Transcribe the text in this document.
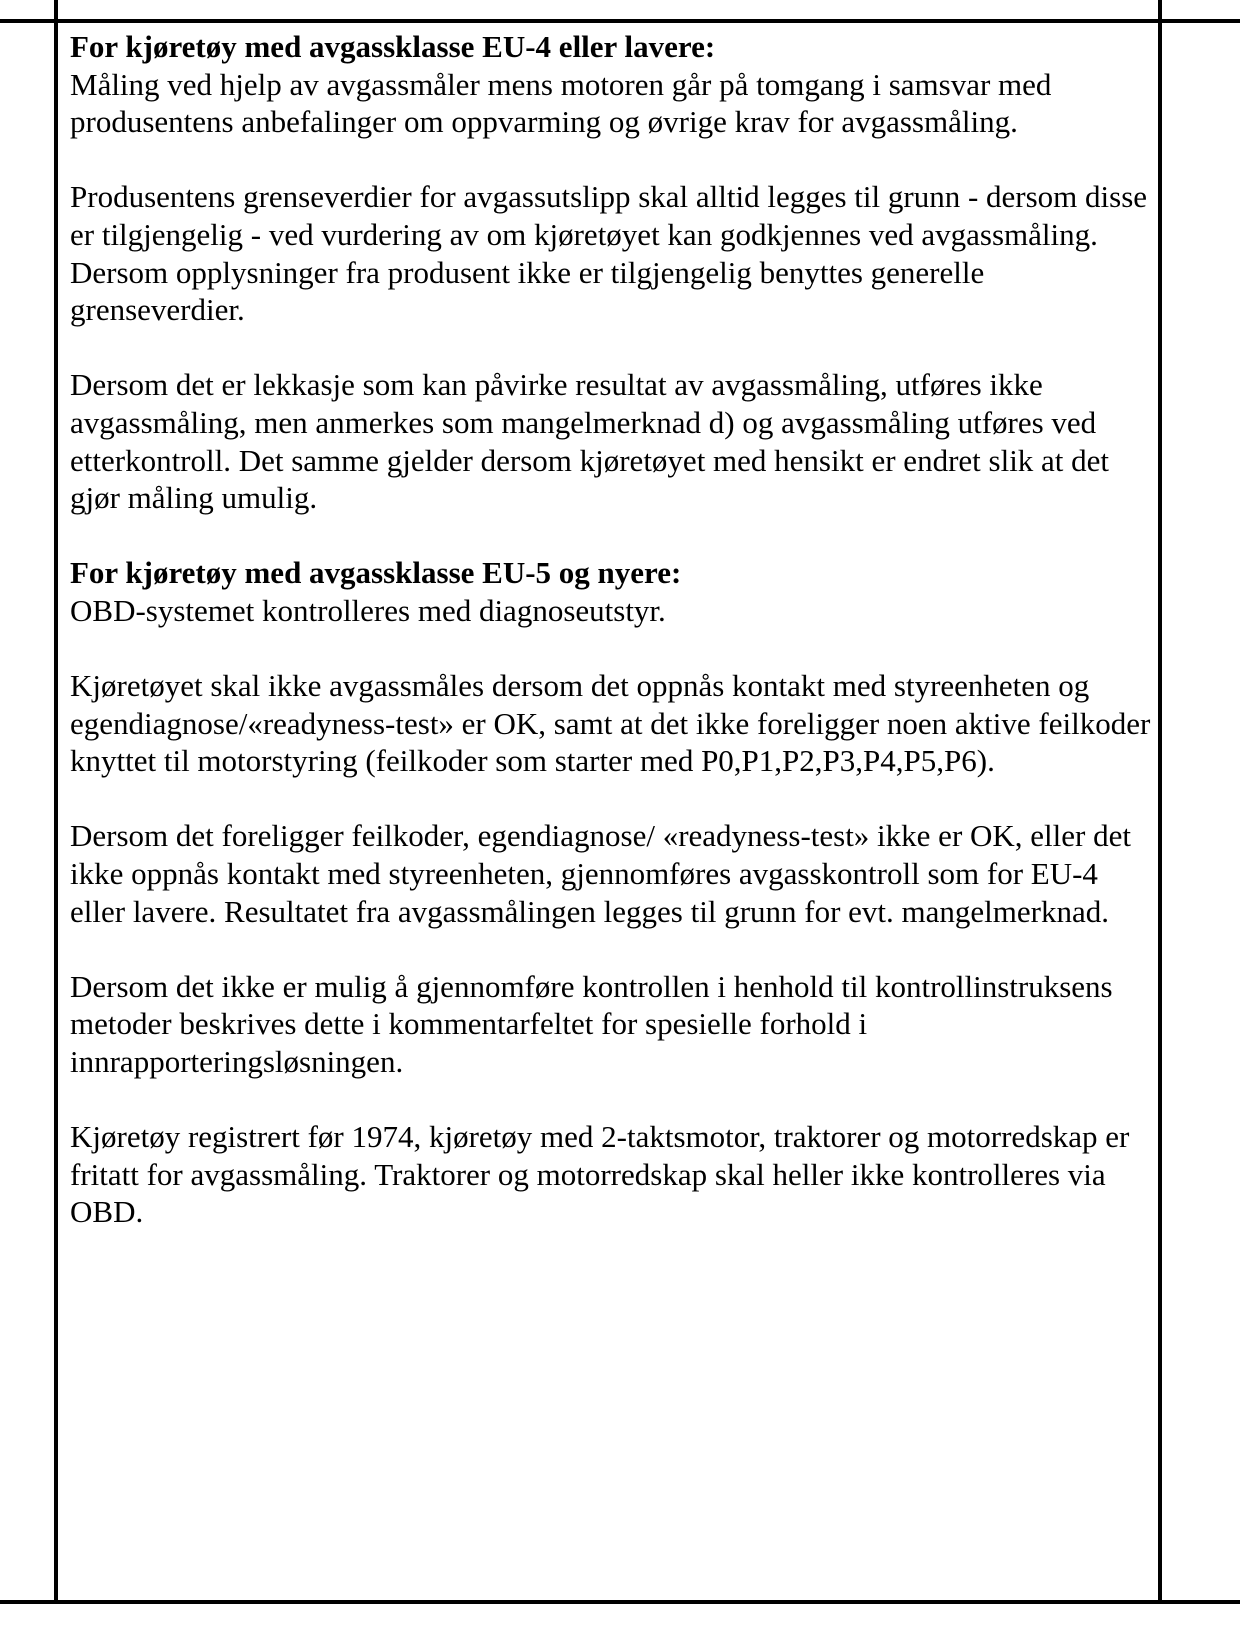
For kjøretøy med avgassklasse EU-4 eller lavere:
Måling ved hjelp av avgassmåler mens motoren går på tomgang i samsvar med produsentens anbefalinger om oppvarming og øvrige krav for avgassmåling.

Produsentens grenseverdier for avgassutslipp skal alltid legges til grunn - dersom disse er tilgjengelig - ved vurdering av om kjøretøyet kan godkjennes ved avgassmåling. Dersom opplysninger fra produsent ikke er tilgjengelig benyttes generelle grenseverdier.

Dersom det er lekkasje som kan påvirke resultat av avgassmåling, utføres ikke avgassmåling, men anmerkes som mangelmerknad d) og avgassmåling utføres ved etterkontroll. Det samme gjelder dersom kjøretøyet med hensikt er endret slik at det gjør måling umulig.

For kjøretøy med avgassklasse EU-5 og nyere:
OBD-systemet kontrolleres med diagnoseutstyr.

Kjøretøyet skal ikke avgassmåles dersom det oppnås kontakt med styreenheten og egendiagnose/«readyness-test» er OK, samt at det ikke foreligger noen aktive feilkoder knyttet til motorstyring (feilkoder som starter med P0,P1,P2,P3,P4,P5,P6).

Dersom det foreligger feilkoder, egendiagnose/ «readyness-test» ikke er OK, eller det ikke oppnås kontakt med styreenheten, gjennomføres avgasskontroll som for EU-4 eller lavere. Resultatet fra avgassmålingen legges til grunn for evt. mangelmerknad.

Dersom det ikke er mulig å gjennomføre kontrollen i henhold til kontrollinstruksens metoder beskrives dette i kommentarfeltet for spesielle forhold i innrapporteringsløsningen.

Kjøretøy registrert før 1974, kjøretøy med 2-taktsmotor, traktorer og motorredskap er fritatt for avgassmåling. Traktorer og motorredskap skal heller ikke kontrolleres via OBD.
